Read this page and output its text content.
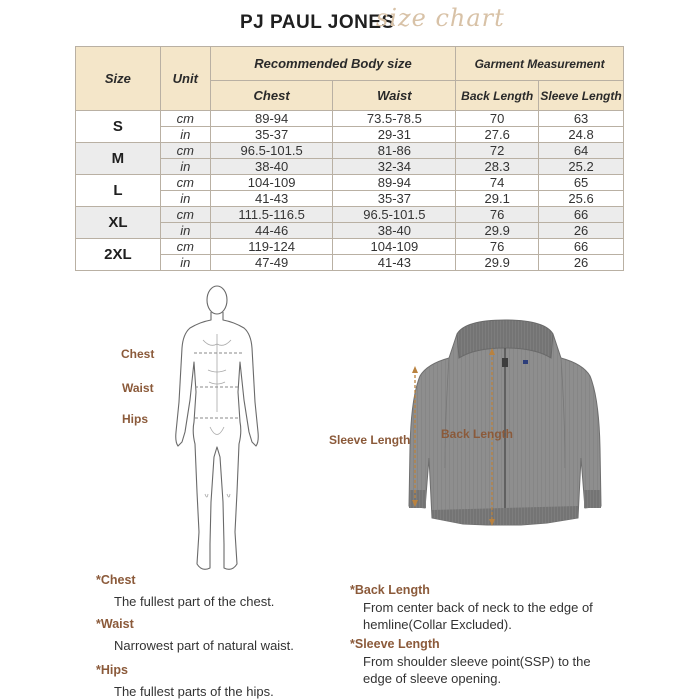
PJ PAUL JONES
size chart
Size	Unit	Recommended Body size		Garment Measurement	
		Chest	Waist	Back Length	Sleeve Length
S	cm	89-94	73.5-78.5	70	63
	in	35-37	29-31	27.6	24.8
M	cm	96.5-101.5	81-86	72	64
	in	38-40	32-34	28.3	25.2
L	cm	104-109	89-94	74	65
	in	41-43	35-37	29.1	25.6
XL	cm	111.5-116.5	96.5-101.5	76	66
	in	44-46	38-40	29.9	26
2XL	cm	119-124	104-109	76	66
	in	47-49	41-43	29.9	26
Chest
Waist
Hips
Sleeve Length	Back Length
*Chest
The fullest part of the chest.
*Waist
Narrowest part of natural waist.
*Hips
The fullest parts of the hips.
*Back Length
From center back of neck to the edge of
hemline(Collar Excluded).
*Sleeve Length
From shoulder sleeve point(SSP) to the
edge of sleeve opening.
